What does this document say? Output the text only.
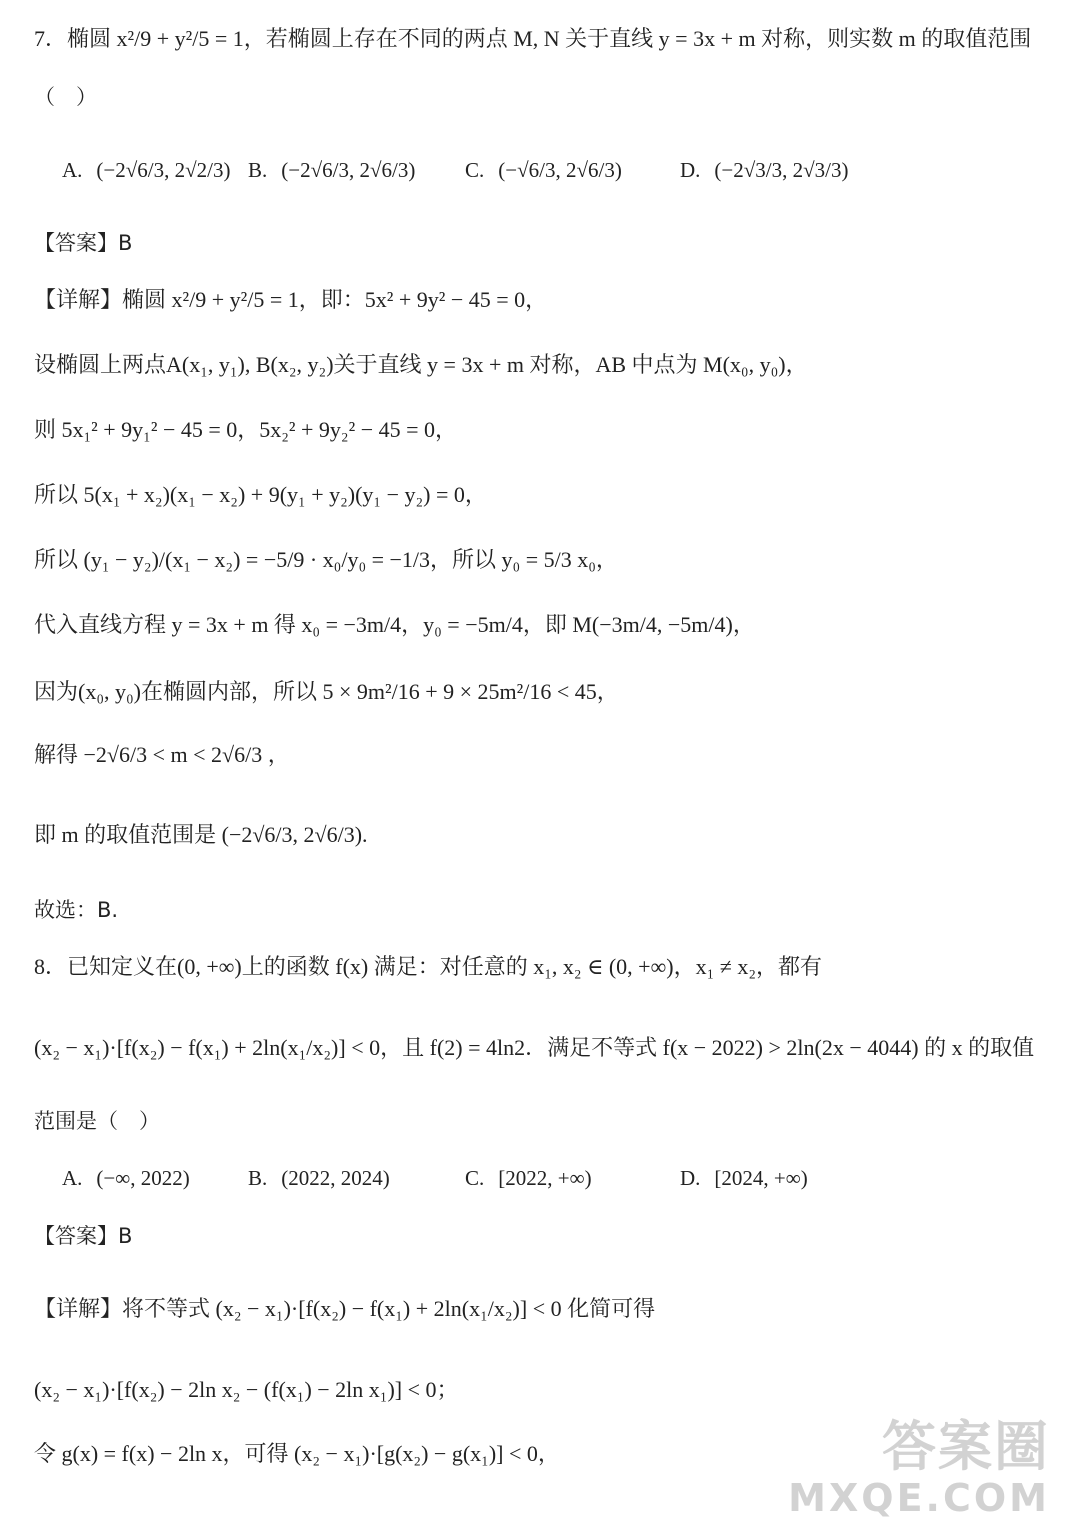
7．椭圆 x²/9 + y²/5 = 1，若椭圆上存在不同的两点 M, N 关于直线 y = 3x + m 对称，则实数 m 的取值范围
（　）
A. (−2√6/3, 2√2/3) B. (−2√6/3, 2√6/3) C. (−√6/3, 2√6/3)	D. (−2√3/3, 2√3/3)
【答案】B
【详解】椭圆 x²/9 + y²/5 = 1，即：5x² + 9y² − 45 = 0，
设椭圆上两点A(x₁, y₁), B(x₂, y₂)关于直线 y = 3x + m 对称，AB 中点为 M(x₀, y₀)，
则 5x₁² + 9y₁² − 45 = 0，5x₂² + 9y₂² − 45 = 0，
所以 5(x₁ + x₂)(x₁ − x₂) + 9(y₁ + y₂)(y₁ − y₂) = 0，
所以 (y₁ − y₂)/(x₁ − x₂) = −5/9 · x₀/y₀ = −1/3，所以 y₀ = 5/3 x₀，
代入直线方程 y = 3x + m 得 x₀ = −3m/4，y₀ = −5m/4，即 M(−3m/4, −5m/4)，
因为(x₀, y₀)在椭圆内部，所以 5 × 9m²/16 + 9 × 25m²/16 < 45，
解得 −2√6/3 < m < 2√6/3 ，
即 m 的取值范围是 (−2√6/3, 2√6/3).
故选：B.
8．已知定义在(0, +∞)上的函数 f(x) 满足：对任意的 x₁, x₂ ∈ (0, +∞)，x₁ ≠ x₂，都有
(x₂ − x₁)·[f(x₂) − f(x₁) + 2ln(x₁/x₂)] < 0，且 f(2) = 4ln2．满足不等式 f(x − 2022) > 2ln(2x − 4044) 的 x 的取值
范围是（　）
A. (−∞, 2022)	B. (2022, 2024)	C. [2022, +∞)	D. [2024, +∞)
【答案】B
【详解】将不等式 (x₂ − x₁)·[f(x₂) − f(x₁) + 2ln(x₁/x₂)] < 0 化简可得
(x₂ − x₁)·[f(x₂) − 2ln x₂ − (f(x₁) − 2ln x₁)] < 0；
令 g(x) = f(x) − 2ln x，可得 (x₂ − x₁)·[g(x₂) − g(x₁)] < 0，	答案圈
MXQE.COM
